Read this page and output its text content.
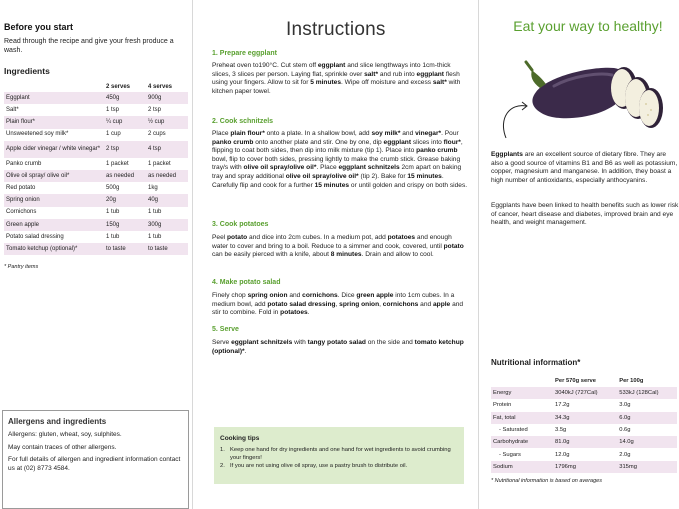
Before you start
Read through the recipe and give your fresh produce a wash.
Ingredients
	2 serves	4 serves
Eggplant	450g	900g
Salt*	1 tsp	2 tsp
Plain flour*	¼ cup	½ cup
Unsweetened soy milk*	1 cup	2 cups
Apple cider vinegar / white vinegar*	2 tsp	4 tsp
Panko crumb	1 packet	1 packet
Olive oil spray/ olive oil*	as needed	as needed
Red potato	500g	1kg
Spring onion	20g	40g
Cornichons	1 tub	1 tub
Green apple	150g	300g
Potato salad dressing	1 tub	1 tub
Tomato ketchup (optional)*	to taste	to taste
* Pantry items
Allergens and ingredients
Allergens: gluten, wheat, soy, sulphites.
May contain traces of other allergens.
For full details of allergen and ingredient information contact us at (02) 8773 4584.
Instructions
1. Prepare eggplant
Preheat oven to190°C. Cut stem off eggplant and slice lengthways into 1cm-thick slices, 3 slices per person. Laying flat, sprinkle over salt* and rub into eggplant flesh using your fingers. Allow to sit for 5 minutes. Wipe off moisture and excess salt* with kitchen paper towel.
2. Cook schnitzels
Place plain flour* onto a plate. In a shallow bowl, add soy milk* and vinegar*. Pour panko crumb onto another plate and stir. One by one, dip eggplant slices into flour*, flipping to coat both sides, then dip into milk mixture (tip 1). Place into panko crumb bowl, flip to cover both sides, pressing lightly to make the crumb stick. Grease baking tray/s with olive oil spray/olive oil*. Place eggplant schnitzels 2cm apart on baking tray and spray additional olive oil spray/olive oil* (tip 2). Bake for 15 minutes. Carefully flip and cook for a further 15 minutes or until golden and crispy on both sides.
3. Cook potatoes
Peel potato and dice into 2cm cubes. In a medium pot, add potatoes and enough water to cover and bring to a boil. Reduce to a simmer and cook, covered, until potato can be easily pierced with a knife, about 8 minutes. Drain and allow to cool.
4. Make potato salad
Finely chop spring onion and cornichons. Dice green apple into 1cm cubes. In a medium bowl, add potato salad dressing, spring onion, cornichons and apple and stir to combine. Fold in potatoes.
5. Serve
Serve eggplant schnitzels with tangy potato salad on the side and tomato ketchup (optional)*.
Cooking tips
1. Keep one hand for dry ingredients and one hand for wet ingredients to avoid crumbing your fingers!
2. If you are not using olive oil spray, use a pastry brush to distribute oil.
Eat your way to healthy!
Eggplants are an excellent source of dietary fibre. They are also a good source of vitamins B1 and B6 as well as potassium, copper, magnesium and manganese. In addition, they boast a high number of antioxidants, especially anthocyanins.
Eggplants have been linked to health benefits such as lower risk of cancer, heart disease and diabetes, improved brain and eye health, and weight management.
Nutritional information*
	Per 570g serve	Per 100g
Energy	3040kJ (727Cal)	533kJ (128Cal)
Protein	17.2g	3.0g
Fat, total	34.3g	6.0g
- Saturated	3.5g	0.6g
Carbohydrate	81.0g	14.0g
- Sugars	12.0g	2.0g
Sodium	1796mg	315mg
* Nutritional information is based on averages
